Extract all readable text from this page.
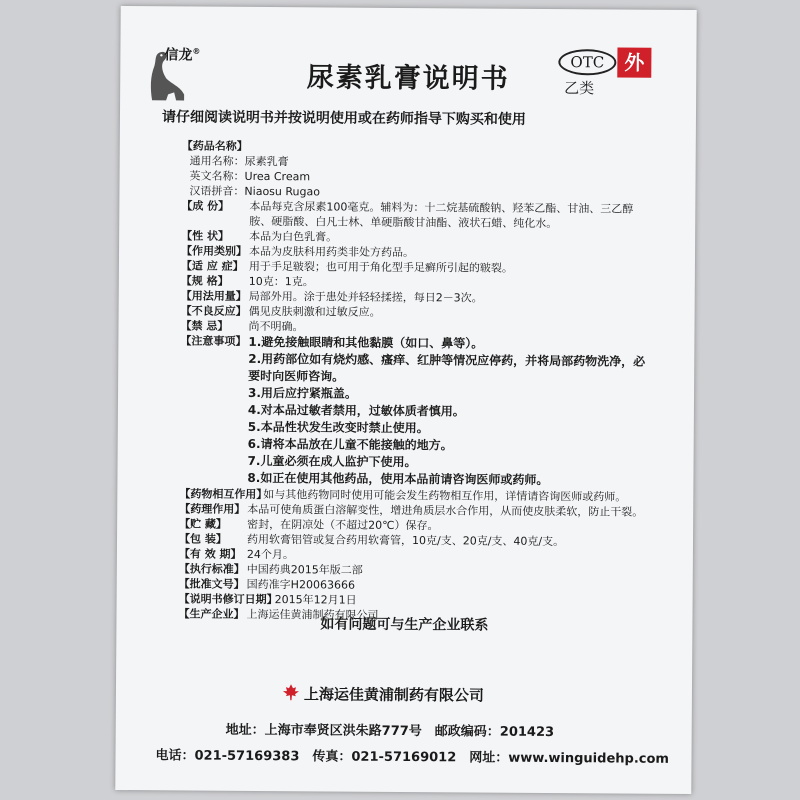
信龙®
尿素乳膏说明书
OTC 外
乙类
请仔细阅读说明书并按说明使用或在药师指导下购买和使用
【药品名称】
通用名称：尿素乳膏
英文名称：Urea Cream
汉语拼音：Niaosu Rugao
【成 份】	本品每克含尿素100毫克。辅料为：十二烷基硫酸钠、羟苯乙酯、甘油、三乙醇胺、硬脂酸、白凡士林、单硬脂酸甘油酯、液状石蜡、纯化水。
【性 状】	本品为白色乳膏。
【作用类别】 本品为皮肤科用药类非处方药品。
【适 应 症】 用于手足皲裂；也可用于角化型手足癣所引起的皲裂。
【规 格】	10克：1克。
【用法用量】 局部外用。涂于患处并轻轻揉搓，每日2－3次。
【不良反应】 偶见皮肤刺激和过敏反应。
【禁 忌】	尚不明确。
【注意事项】 1.避免接触眼睛和其他黏膜（如口、鼻等）。
2.用药部位如有烧灼感、瘙痒、红肿等情况应停药，并将局部药物洗净，必要时向医师咨询。
3.用后应拧紧瓶盖。
4.对本品过敏者禁用，过敏体质者慎用。
5.本品性状发生改变时禁止使用。
6.请将本品放在儿童不能接触的地方。
7.儿童必须在成人监护下使用。
8.如正在使用其他药品，使用本品前请咨询医师或药师。
【药物相互作用】
如与其他药物同时使用可能会发生药物相互作用，详情请咨询医师或药师。
【药理作用】 本品可使角质蛋白溶解变性，增进角质层水合作用，从而使皮肤柔软，防止干裂。
【贮 藏】	密封，在阴凉处（不超过20℃）保存。
【包 装】	药用软膏铝管或复合药用软膏管，10克/支、20克/支、40克/支。
【有 效 期】 24个月。
【执行标准】 中国药典2015年版二部
【批准文号】 国药准字H20063666
【说明书修订日期】
2015年12月1日
【生产企业】 上海运佳黄浦制药有限公司
如有问题可与生产企业联系
上海运佳黄浦制药有限公司
地址：上海市奉贤区洪朱路777号　邮政编码：201423
电话：021-57169383　传真：021-57169012　网址：www.winguidehp.com
